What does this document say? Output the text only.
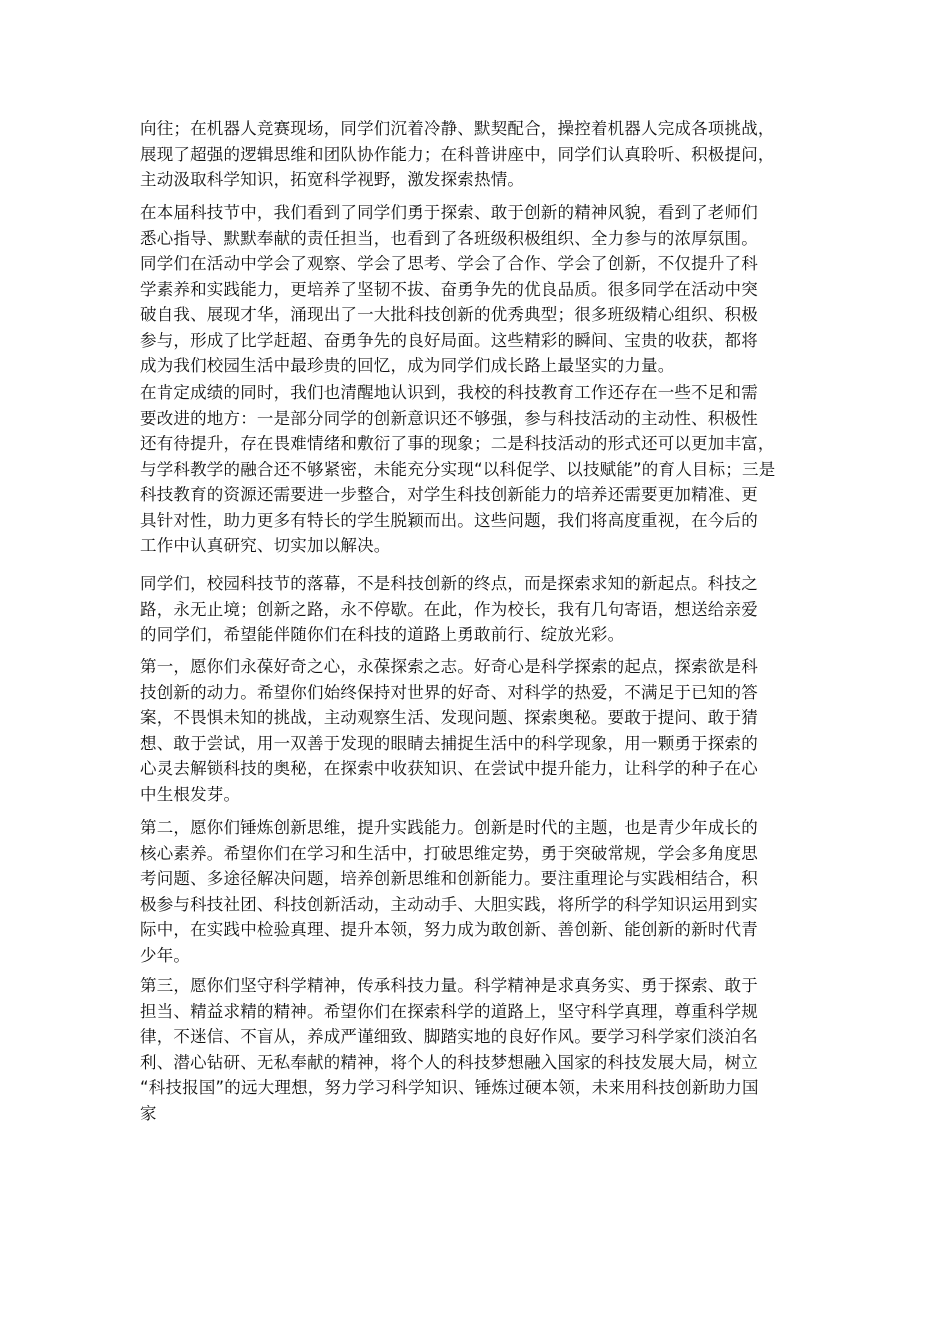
向往；在机器人竞赛现场，同学们沉着冷静、默契配合，操控着机器人完成各项挑战，
展现了超强的逻辑思维和团队协作能力；在科普讲座中，同学们认真聆听、积极提问，
主动汲取科学知识，拓宽科学视野，激发探索热情。

在本届科技节中，我们看到了同学们勇于探索、敢于创新的精神风貌，看到了老师们
悉心指导、默默奉献的责任担当，也看到了各班级积极组织、全力参与的浓厚氛围。
同学们在活动中学会了观察、学会了思考、学会了合作、学会了创新，不仅提升了科
学素养和实践能力，更培养了坚韧不拔、奋勇争先的优良品质。很多同学在活动中突
破自我、展现才华，涌现出了一大批科技创新的优秀典型；很多班级精心组织、积极
参与，形成了比学赶超、奋勇争先的良好局面。这些精彩的瞬间、宝贵的收获，都将
成为我们校园生活中最珍贵的回忆，成为同学们成长路上最坚实的力量。

在肯定成绩的同时，我们也清醒地认识到，我校的科技教育工作还存在一些不足和需
要改进的地方：一是部分同学的创新意识还不够强，参与科技活动的主动性、积极性
还有待提升，存在畏难情绪和敷衍了事的现象；二是科技活动的形式还可以更加丰富，
与学科教学的融合还不够紧密，未能充分实现“以科促学、以技赋能”的育人目标；三是
科技教育的资源还需要进一步整合，对学生科技创新能力的培养还需要更加精准、更
具针对性，助力更多有特长的学生脱颖而出。这些问题，我们将高度重视，在今后的
工作中认真研究、切实加以解决。

同学们，校园科技节的落幕，不是科技创新的终点，而是探索求知的新起点。科技之
路，永无止境；创新之路，永不停歇。在此，作为校长，我有几句寄语，想送给亲爱
的同学们，希望能伴随你们在科技的道路上勇敢前行、绽放光彩。

第一，愿你们永葆好奇之心，永葆探索之志。好奇心是科学探索的起点，探索欲是科
技创新的动力。希望你们始终保持对世界的好奇、对科学的热爱，不满足于已知的答
案，不畏惧未知的挑战，主动观察生活、发现问题、探索奥秘。要敢于提问、敢于猜
想、敢于尝试，用一双善于发现的眼睛去捕捉生活中的科学现象，用一颗勇于探索的
心灵去解锁科技的奥秘，在探索中收获知识、在尝试中提升能力，让科学的种子在心
中生根发芽。

第二，愿你们锤炼创新思维，提升实践能力。创新是时代的主题，也是青少年成长的
核心素养。希望你们在学习和生活中，打破思维定势，勇于突破常规，学会多角度思
考问题、多途径解决问题，培养创新思维和创新能力。要注重理论与实践相结合，积
极参与科技社团、科技创新活动，主动动手、大胆实践，将所学的科学知识运用到实
际中，在实践中检验真理、提升本领，努力成为敢创新、善创新、能创新的新时代青
少年。

第三，愿你们坚守科学精神，传承科技力量。科学精神是求真务实、勇于探索、敢于
担当、精益求精的精神。希望你们在探索科学的道路上，坚守科学真理，尊重科学规
律，不迷信、不盲从，养成严谨细致、脚踏实地的良好作风。要学习科学家们淡泊名
利、潜心钻研、无私奉献的精神，将个人的科技梦想融入国家的科技发展大局，树立
“科技报国”的远大理想，努力学习科学知识、锤炼过硬本领，未来用科技创新助力国
家
